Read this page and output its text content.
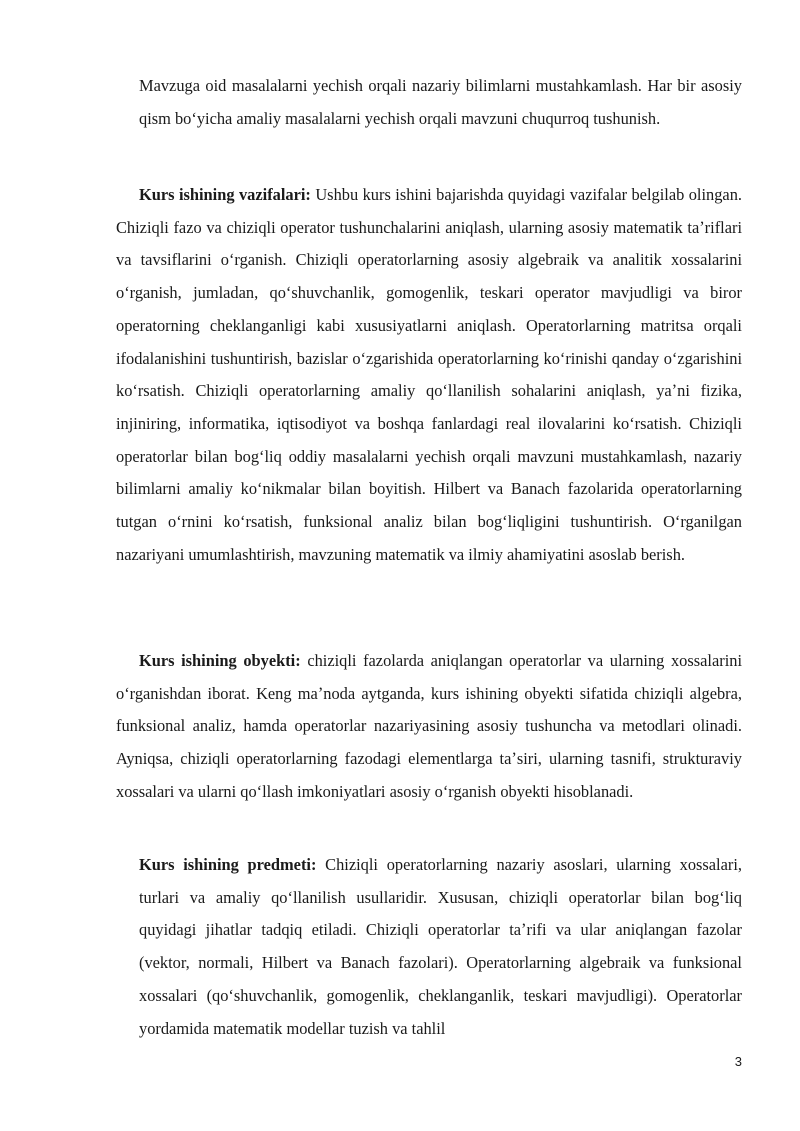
Mavzuga oid masalalarni yechish orqali nazariy bilimlarni mustahkamlash. Har bir asosiy qism boʻyicha amaliy masalalarni yechish orqali mavzuni chuqurroq tushunish.

Kurs ishining vazifalari: Ushbu kurs ishini bajarishda quyidagi vazifalar belgilab olingan. Chiziqli fazo va chiziqli operator tushunchalarini aniqlash, ularning asosiy matematik taʼriflari va tavsiflarini oʻrganish. Chiziqli operatorlarning asosiy algebraik va analitik xossalarini oʻrganish, jumladan, qoʻshuvchanlik, gomogenlik, teskari operator mavjudligi va biror operatorning cheklanganligi kabi xususiyatlarni aniqlash. Operatorlarning matritsa orqali ifodalanishini tushuntirish, bazislar oʻzgarishida operatorlarning koʻrinishi qanday oʻzgarishini koʻrsatish. Chiziqli operatorlarning amaliy qoʻllanilish sohalarini aniqlash, yaʼni fizika, injiniring, informatika, iqtisodiyot va boshqa fanlardagi real ilovalarini koʻrsatish. Chiziqli operatorlar bilan bogʻliq oddiy masalalarni yechish orqali mavzuni mustahkamlash, nazariy bilimlarni amaliy koʻnikmalar bilan boyitish. Hilbert va Banach fazolarida operatorlarning tutgan oʻrnini koʻrsatish, funksional analiz bilan bogʻliqligini tushuntirish. Oʻrganilgan nazariyani umumlashtirish, mavzuning matematik va ilmiy ahamiyatini asoslab berish.

Kurs ishining obyekti: chiziqli fazolarda aniqlangan operatorlar va ularning xossalarini oʻrganishdan iborat. Keng maʼnoda aytganda, kurs ishining obyekti sifatida chiziqli algebra, funksional analiz, hamda operatorlar nazariyasining asosiy tushuncha va metodlari olinadi. Ayniqsa, chiziqli operatorlarning fazodagi elementlarga taʼsiri, ularning tasnifi, strukturaviy xossalari va ularni qoʻllash imkoniyatlari asosiy oʻrganish obyekti hisoblanadi.

Kurs ishining predmeti: Chiziqli operatorlarning nazariy asoslari, ularning xossalari, turlari va amaliy qoʻllanilish usullaridir. Xususan, chiziqli operatorlar bilan bogʻliq quyidagi jihatlar tadqiq etiladi. Chiziqli operatorlar taʼrifi va ular aniqlangan fazolar (vektor, normali, Hilbert va Banach fazolari). Operatorlarning algebraik va funksional xossalari (qoʻshuvchanlik, gomogenlik, cheklanganlik, teskari mavjudligi). Operatorlar yordamida matematik modellar tuzish va tahlil

3
